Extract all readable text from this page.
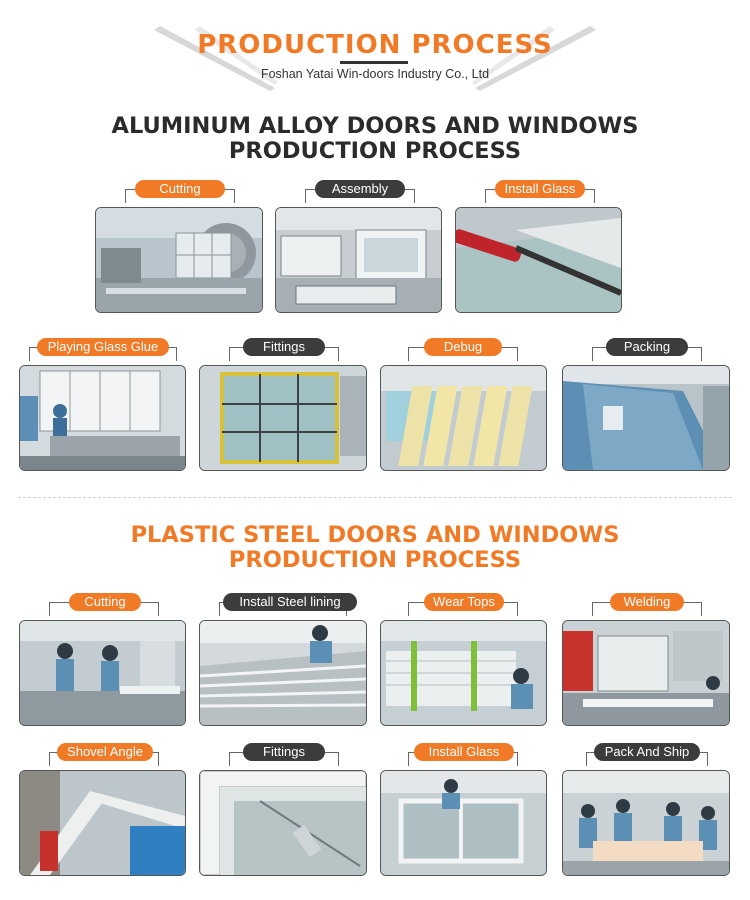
PRODUCTION PROCESS
Foshan Yatai Win-doors Industry Co., Ltd
ALUMINUM ALLOY DOORS AND WINDOWS
PRODUCTION PROCESS
Cutting	Assembly	Install Glass
Playing Glass Glue	Fittings	Debug	Packing
PLASTIC STEEL DOORS AND WINDOWS
PRODUCTION PROCESS
Cutting	Install Steel lining	Wear Tops	Welding
Shovel Angle	Fittings	Install Glass	Pack And Ship
